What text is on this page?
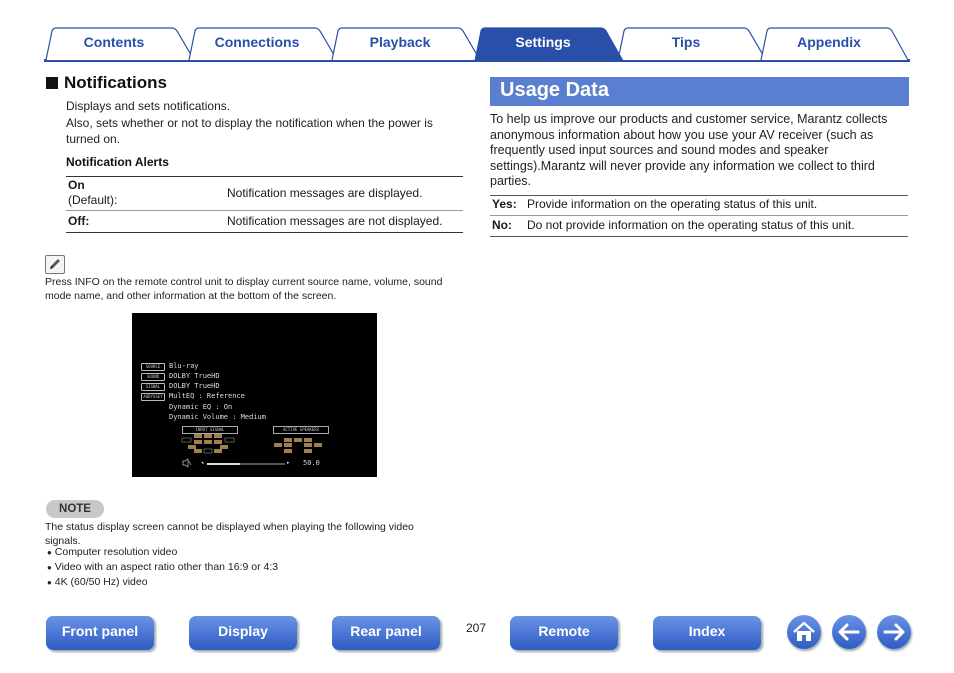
Contents	Connections	Playback	Settings	Tips	Appendix
Notifications
Displays and sets notifications.
Also, sets whether or not to display the notification when the power is turned on.
Notification Alerts
On
(Default):	Notification messages are displayed.
Off:	Notification messages are not displayed.
Press INFO on the remote control unit to display current source name, volume, sound mode name, and other information at the bottom of the screen.
SOURCE
SOUND
SIGNAL
AUDYSSEY
Blu-ray
DOLBY TrueHD
DOLBY TrueHD
MultEQ : Reference
Dynamic EQ : On
Dynamic Volume : Medium
INPUT SIGNAL	ACTIVE SPEAKERS
◂	▸ 50.0
NOTE
The status display screen cannot be displayed when playing the following video signals.
● Computer resolution video
● Video with an aspect ratio other than 16:9 or 4:3
● 4K (60/50 Hz) video
Usage Data
To help us improve our products and customer service, Marantz collects anonymous information about how you use your AV receiver (such as frequently used input sources and sound modes and speaker settings).Marantz will never provide any information we collect to third parties.
Yes: Provide information on the operating status of this unit.
No: Do not provide information on the operating status of this unit.
Front panel	Display	Rear panel	207	Remote	Index
